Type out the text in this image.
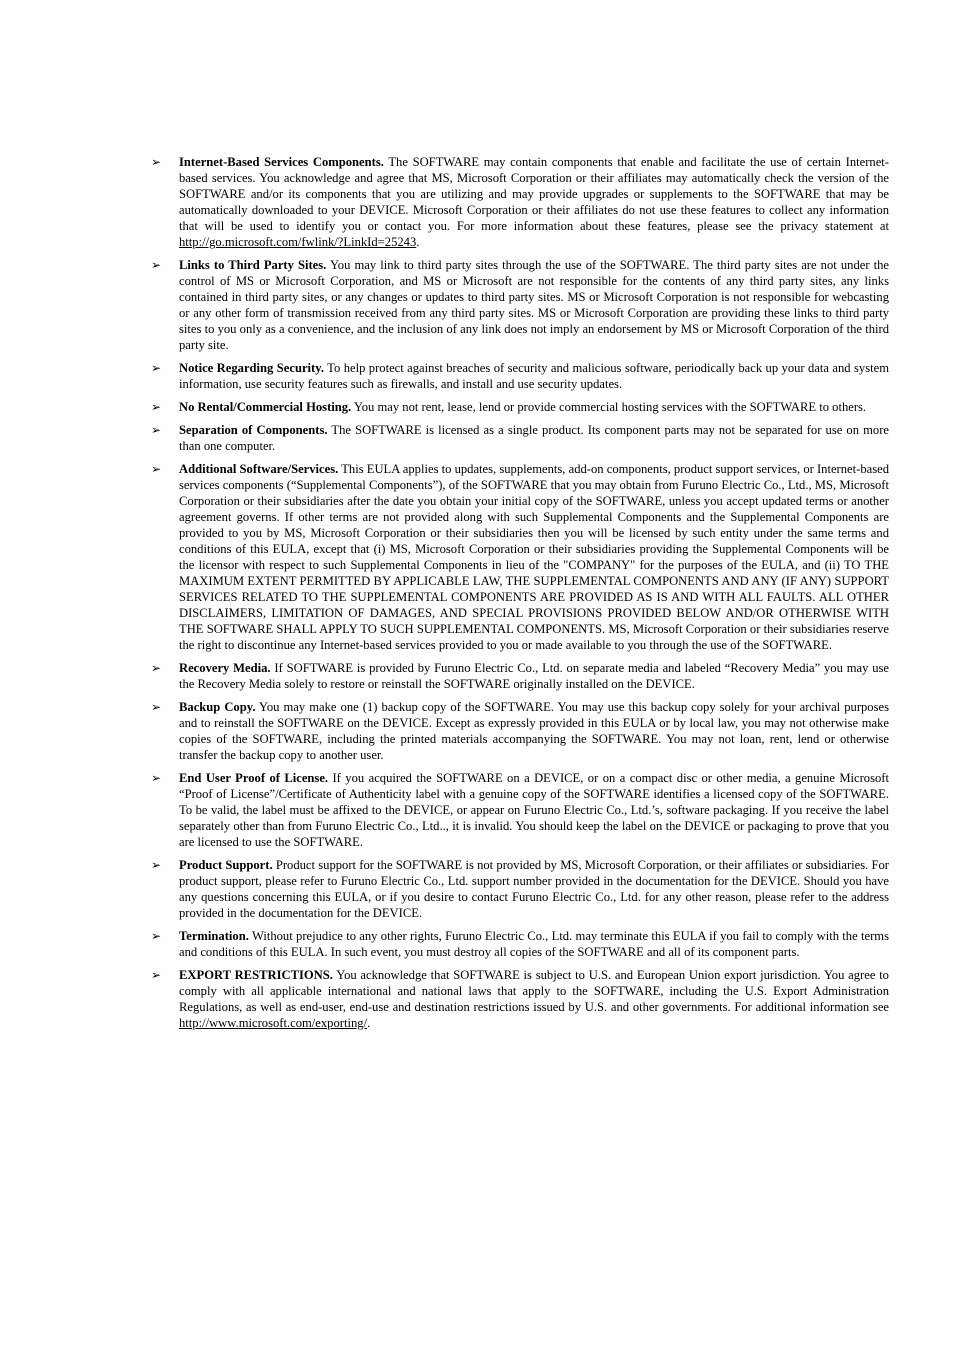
➢	Internet-Based Services Components. The SOFTWARE may contain components that enable and facilitate the use of certain Internet-based services. You acknowledge and agree that MS, Microsoft Corporation or their affiliates may automatically check the version of the SOFTWARE and/or its components that you are utilizing and may provide upgrades or supplements to the SOFTWARE that may be automatically downloaded to your DEVICE. Microsoft Corporation or their affiliates do not use these features to collect any information that will be used to identify you or contact you. For more information about these features, please see the privacy statement at http://go.microsoft.com/fwlink/?LinkId=25243.
➢	Links to Third Party Sites. You may link to third party sites through the use of the SOFTWARE. The third party sites are not under the control of MS or Microsoft Corporation, and MS or Microsoft are not responsible for the contents of any third party sites, any links contained in third party sites, or any changes or updates to third party sites. MS or Microsoft Corporation is not responsible for webcasting or any other form of transmission received from any third party sites. MS or Microsoft Corporation are providing these links to third party sites to you only as a convenience, and the inclusion of any link does not imply an endorsement by MS or Microsoft Corporation of the third party site.
➢	Notice Regarding Security. To help protect against breaches of security and malicious software, periodically back up your data and system information, use security features such as firewalls, and install and use security updates.
➢	No Rental/Commercial Hosting. You may not rent, lease, lend or provide commercial hosting services with the SOFTWARE to others.
➢	Separation of Components. The SOFTWARE is licensed as a single product. Its component parts may not be separated for use on more than one computer.
➢	Additional Software/Services. This EULA applies to updates, supplements, add-on components, product support services, or Internet-based services components (“Supplemental Components”), of the SOFTWARE that you may obtain from Furuno Electric Co., Ltd., MS, Microsoft Corporation or their subsidiaries after the date you obtain your initial copy of the SOFTWARE, unless you accept updated terms or another agreement governs. If other terms are not provided along with such Supplemental Components and the Supplemental Components are provided to you by MS, Microsoft Corporation or their subsidiaries then you will be licensed by such entity under the same terms and conditions of this EULA, except that (i) MS, Microsoft Corporation or their subsidiaries providing the Supplemental Components will be the licensor with respect to such Supplemental Components in lieu of the "COMPANY" for the purposes of the EULA, and (ii) TO THE MAXIMUM EXTENT PERMITTED BY APPLICABLE LAW, THE SUPPLEMENTAL COMPONENTS AND ANY (IF ANY) SUPPORT SERVICES RELATED TO THE SUPPLEMENTAL COMPONENTS ARE PROVIDED AS IS AND WITH ALL FAULTS. ALL OTHER DISCLAIMERS, LIMITATION OF DAMAGES, AND SPECIAL PROVISIONS PROVIDED BELOW AND/OR OTHERWISE WITH THE SOFTWARE SHALL APPLY TO SUCH SUPPLEMENTAL COMPONENTS. MS, Microsoft Corporation or their subsidiaries reserve the right to discontinue any Internet-based services provided to you or made available to you through the use of the SOFTWARE.
➢	Recovery Media. If SOFTWARE is provided by Furuno Electric Co., Ltd. on separate media and labeled “Recovery Media” you may use the Recovery Media solely to restore or reinstall the SOFTWARE originally installed on the DEVICE.
➢	Backup Copy. You may make one (1) backup copy of the SOFTWARE. You may use this backup copy solely for your archival purposes and to reinstall the SOFTWARE on the DEVICE. Except as expressly provided in this EULA or by local law, you may not otherwise make copies of the SOFTWARE, including the printed materials accompanying the SOFTWARE. You may not loan, rent, lend or otherwise transfer the backup copy to another user.
➢	End User Proof of License. If you acquired the SOFTWARE on a DEVICE, or on a compact disc or other media, a genuine Microsoft “Proof of License”/Certificate of Authenticity label with a genuine copy of the SOFTWARE identifies a licensed copy of the SOFTWARE. To be valid, the label must be affixed to the DEVICE, or appear on Furuno Electric Co., Ltd.’s, software packaging. If you receive the label separately other than from Furuno Electric Co., Ltd.., it is invalid. You should keep the label on the DEVICE or packaging to prove that you are licensed to use the SOFTWARE.
➢	Product Support. Product support for the SOFTWARE is not provided by MS, Microsoft Corporation, or their affiliates or subsidiaries. For product support, please refer to Furuno Electric Co., Ltd. support number provided in the documentation for the DEVICE. Should you have any questions concerning this EULA, or if you desire to contact Furuno Electric Co., Ltd. for any other reason, please refer to the address provided in the documentation for the DEVICE.
➢	Termination. Without prejudice to any other rights, Furuno Electric Co., Ltd. may terminate this EULA if you fail to comply with the terms and conditions of this EULA. In such event, you must destroy all copies of the SOFTWARE and all of its component parts.
➢	EXPORT RESTRICTIONS. You acknowledge that SOFTWARE is subject to U.S. and European Union export jurisdiction. You agree to comply with all applicable international and national laws that apply to the SOFTWARE, including the U.S. Export Administration Regulations, as well as end-user, end-use and destination restrictions issued by U.S. and other governments. For additional information see http://www.microsoft.com/exporting/.
